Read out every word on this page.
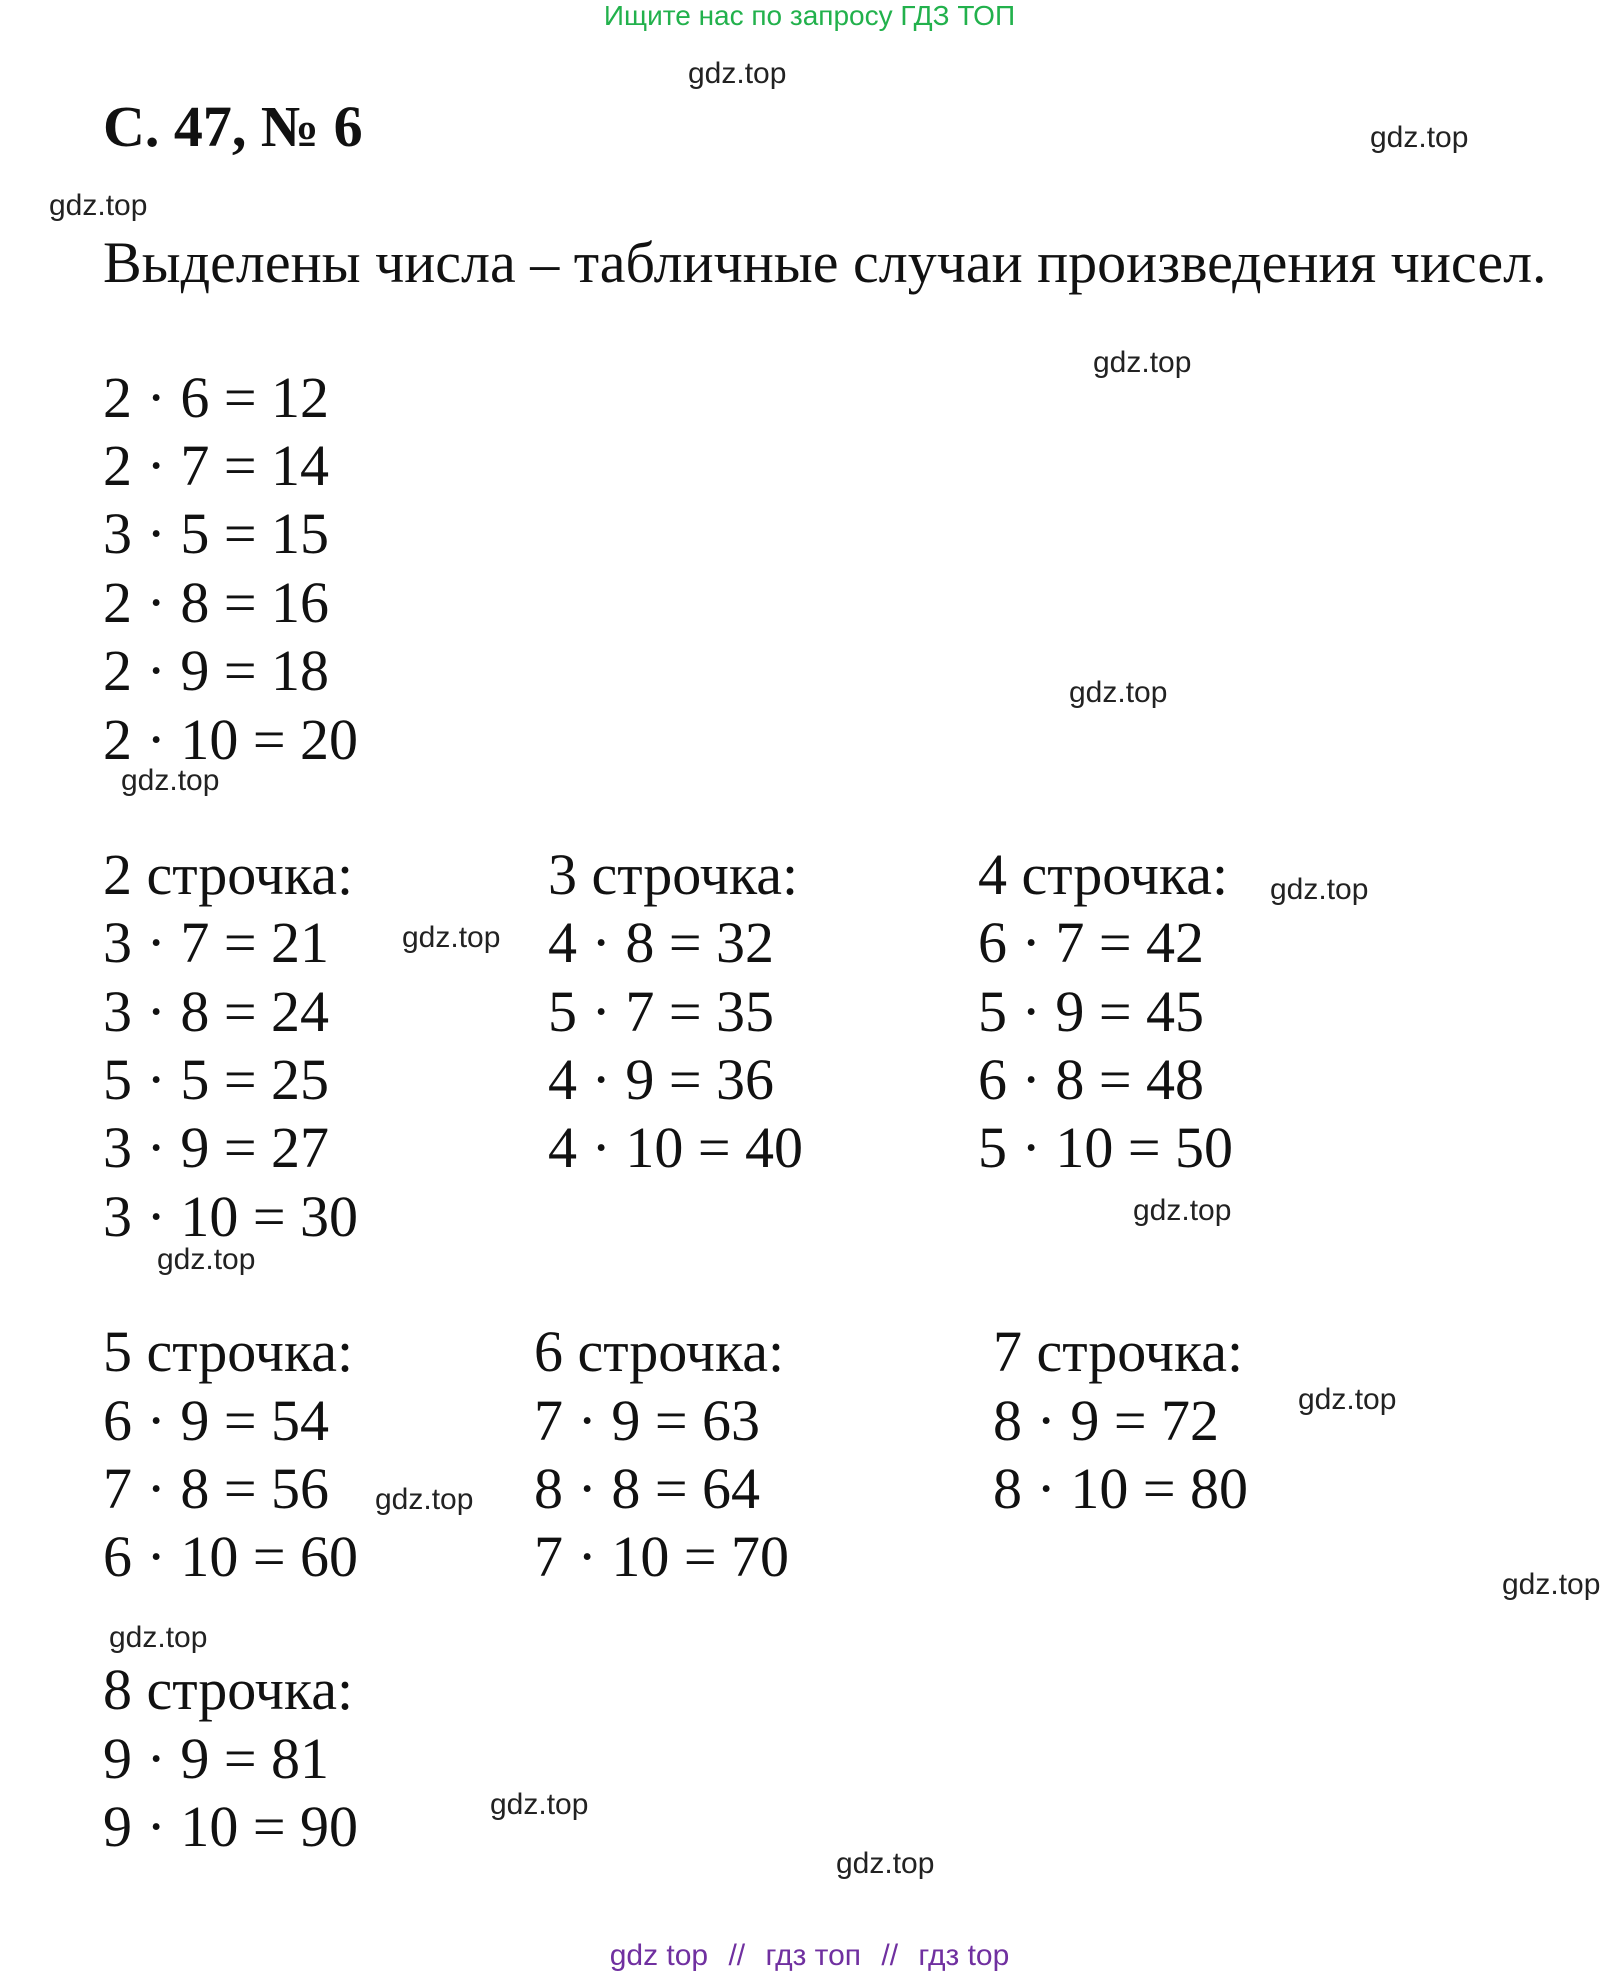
Ищите нас по запросу ГДЗ ТОП
С. 47, № 6
Выделены числа – табличные случаи произведения чисел.
2 · 6 = 12
2 · 7 = 14
3 · 5 = 15
2 · 8 = 16
2 · 9 = 18
2 · 10 = 20
2 строчка:
3 · 7 = 21
3 · 8 = 24
5 · 5 = 25
3 · 9 = 27
3 · 10 = 30
3 строчка:
4 · 8 = 32
5 · 7 = 35
4 · 9 = 36
4 · 10 = 40
4 строчка:
6 · 7 = 42
5 · 9 = 45
6 · 8 = 48
5 · 10 = 50
5 строчка:
6 · 9 = 54
7 · 8 = 56
6 · 10 = 60
6 строчка:
7 · 9 = 63
8 · 8 = 64
7 · 10 = 70
7 строчка:
8 · 9 = 72
8 · 10 = 80
8 строчка:
9 · 9 = 81
9 · 10 = 90
gdz.top
gdz.top
gdz.top
gdz.top
gdz.top
gdz.top
gdz.top
gdz.top
gdz.top
gdz.top
gdz.top
gdz.top
gdz.top
gdz.top
gdz.top
gdz.top
gdz top // гдз топ // гдз top
